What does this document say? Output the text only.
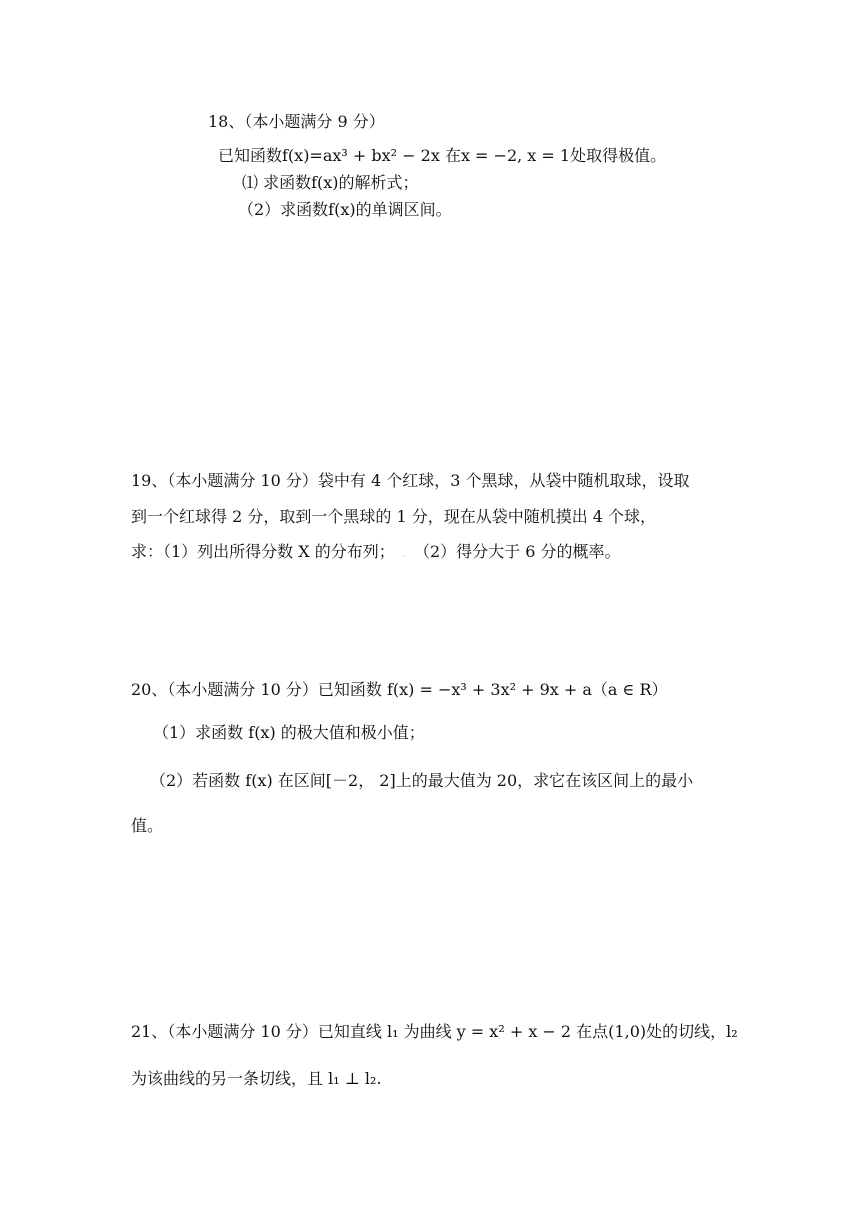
18、（本小题满分 9 分）
已知函数f(x)=ax³ + bx² − 2x 在x = −2, x = 1处取得极值。
⑴ 求函数f(x)的解析式；
（2）求函数f(x)的单调区间。
19、（本小题满分 10 分）袋中有 4 个红球，3 个黑球，从袋中随机取球，设取
到一个红球得 2 分，取到一个黑球的 1 分，现在从袋中随机摸出 4 个球，
求：（1）列出所得分数 X 的分布列； . （2）得分大于 6 分的概率。
20、（本小题满分 10 分）已知函数 f(x) = −x³ + 3x² + 9x + a（a ∈ R）
（1）求函数 f(x) 的极大值和极小值；
（2）若函数 f(x) 在区间[－2， 2]上的最大值为 20，求它在该区间上的最小
值。
21、（本小题满分 10 分）已知直线 l₁ 为曲线 y = x² + x − 2 在点(1,0)处的切线，l₂
为该曲线的另一条切线，且 l₁ ⊥ l₂.
